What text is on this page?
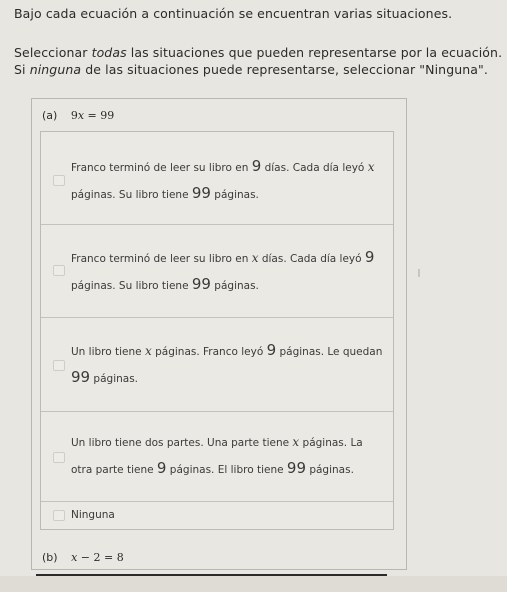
Bajo cada ecuación a continuación se encuentran varias situaciones.
Seleccionar todas las situaciones que pueden representarse por la ecuación.
Si ninguna de las situaciones puede representarse, seleccionar "Ninguna".
(a) 9x = 99
Franco terminó de leer su libro en 9 días. Cada día leyó x páginas. Su libro tiene 99 páginas.
Franco terminó de leer su libro en x días. Cada día leyó 9 páginas. Su libro tiene 99 páginas.
Un libro tiene x páginas. Franco leyó 9 páginas. Le quedan 99 páginas.
Un libro tiene dos partes. Una parte tiene x páginas. La otra parte tiene 9 páginas. El libro tiene 99 páginas.
Ninguna
(b) x − 2 = 8
